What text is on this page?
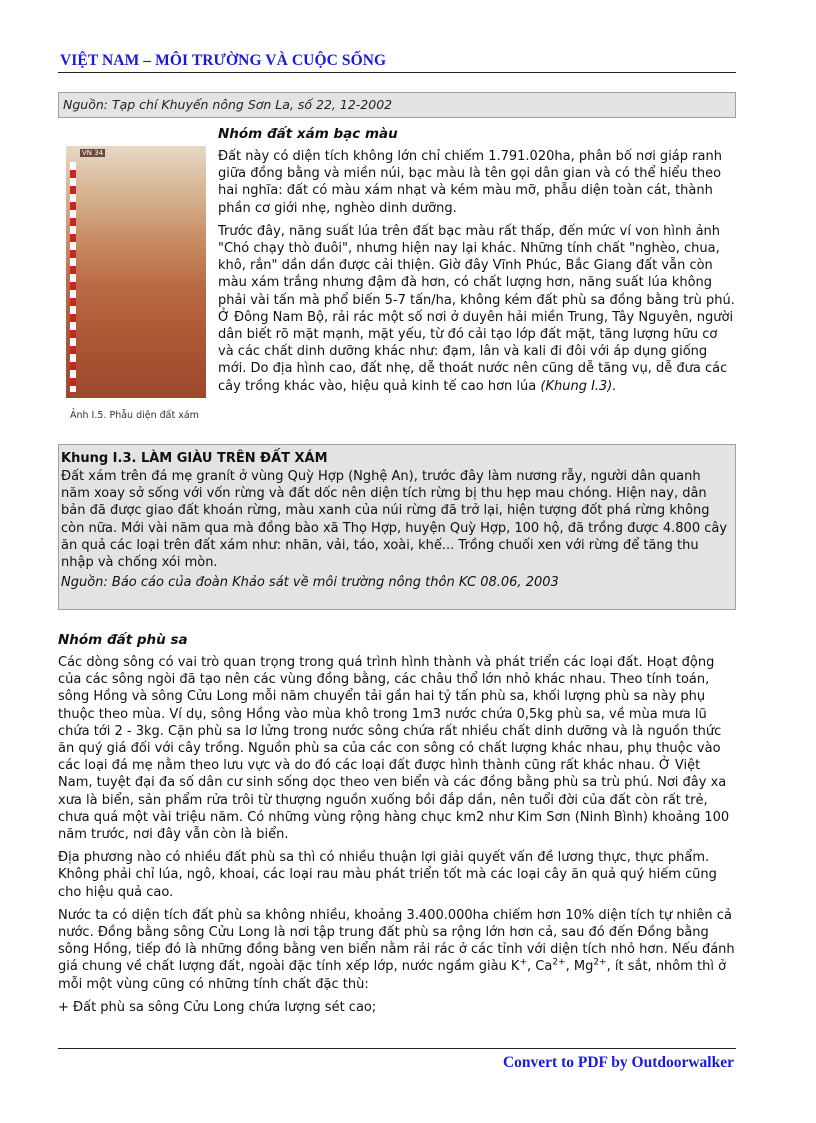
VIỆT NAM – MÔI TRƯỜNG VÀ CUỘC SỐNG
Nguồn: Tạp chí Khuyến nông Sơn La, số 22, 12-2002
VN 34
Ảnh I.5. Phẫu diện đất xám
Nhóm đất xám bạc màu

Đất này có diện tích không lớn chỉ chiếm 1.791.020ha, phân bố nơi giáp ranh giữa đồng bằng và miền núi, bạc màu là tên gọi dân gian và có thể hiểu theo hai nghĩa: đất có màu xám nhạt và kém màu mỡ, phẫu diện toàn cát, thành phần cơ giới nhẹ, nghèo dinh dưỡng.

Trước đây, năng suất lúa trên đất bạc màu rất thấp, đến mức ví von hình ảnh "Chó chạy thò đuôi", nhưng hiện nay lại khác. Những tính chất "nghèo, chua, khô, rắn" dần dần được cải thiện. Giờ đây Vĩnh Phúc, Bắc Giang đất vẫn còn màu xám trắng nhưng đậm đà hơn, có chất lượng hơn, năng suất lúa không phải vài tấn mà phổ biến 5-7 tấn/ha, không kém đất phù sa đồng bằng trù phú. Ở Đông Nam Bộ, rải rác một số nơi ở duyên hải miền Trung, Tây Nguyên, người dân biết rõ mặt mạnh, mặt yếu, từ đó cải tạo lớp đất mặt, tăng lượng hữu cơ và các chất dinh dưỡng khác như: đạm, lân và kali đi đôi với áp dụng giống mới. Do địa hình cao, đất nhẹ, dễ thoát nước nên cũng dễ tăng vụ, dễ đưa các cây trồng khác vào, hiệu quả kinh tế cao hơn lúa (Khung I.3).

Khung I.3. LÀM GIÀU TRÊN ĐẤT XÁM
Đất xám trên đá mẹ granít ở vùng Quỳ Hợp (Nghệ An), trước đây làm nương rẫy, người dân quanh năm xoay sở sống với vốn rừng và đất dốc nên diện tích rừng bị thu hẹp mau chóng. Hiện nay, dân bản đã được giao đất khoán rừng, màu xanh của núi rừng đã trở lại, hiện tượng đốt phá rừng không còn nữa. Mới vài năm qua mà đồng bào xã Thọ Hợp, huyện Quỳ Hợp, 100 hộ, đã trồng được 4.800 cây ăn quả các loại trên đất xám như: nhãn, vải, táo, xoài, khế... Trồng chuối xen với rừng để tăng thu nhập và chống xói mòn.
Nguồn: Báo cáo của đoàn Khảo sát về môi trường nông thôn KC 08.06, 2003
Nhóm đất phù sa

Các dòng sông có vai trò quan trọng trong quá trình hình thành và phát triển các loại đất. Hoạt động của các sông ngòi đã tạo nên các vùng đồng bằng, các châu thổ lớn nhỏ khác nhau. Theo tính toán, sông Hồng và sông Cửu Long mỗi năm chuyển tải gần hai tỷ tấn phù sa, khối lượng phù sa này phụ thuộc theo mùa. Ví dụ, sông Hồng vào mùa khô trong 1m3 nước chứa 0,5kg phù sa, về mùa mưa lũ chứa tới 2 - 3kg. Cặn phù sa lơ lửng trong nước sông chứa rất nhiều chất dinh dưỡng và là nguồn thức ăn quý giá đối với cây trồng. Nguồn phù sa của các con sông có chất lượng khác nhau, phụ thuộc vào các loại đá mẹ nằm theo lưu vực và do đó các loại đất được hình thành cũng rất khác nhau. Ở Việt Nam, tuyệt đại đa số dân cư sinh sống dọc theo ven biển và các đồng bằng phù sa trù phú. Nơi đây xa xưa là biển, sản phẩm rửa trôi từ thượng nguồn xuống bồi đắp dần, nên tuổi đời của đất còn rất trẻ, chưa quá một vài triệu năm. Có những vùng rộng hàng chục km2 như Kim Sơn (Ninh Bình) khoảng 100 năm trước, nơi đây vẫn còn là biển.

Địa phương nào có nhiều đất phù sa thì có nhiều thuận lợi giải quyết vấn đề lương thực, thực phẩm. Không phải chỉ lúa, ngô, khoai, các loại rau màu phát triển tốt mà các loại cây ăn quả quý hiếm cũng cho hiệu quả cao.

Nước ta có diện tích đất phù sa không nhiều, khoảng 3.400.000ha chiếm hơn 10% diện tích tự nhiên cả nước. Đồng bằng sông Cửu Long là nơi tập trung đất phù sa rộng lớn hơn cả, sau đó đến Đồng bằng sông Hồng, tiếp đó là những đồng bằng ven biển nằm rải rác ở các tỉnh với diện tích nhỏ hơn. Nếu đánh giá chung về chất lượng đất, ngoài đặc tính xếp lớp, nước ngầm giàu K+, $Ca^{2+}$, $Mg^{2+}$, ít sắt, nhôm thì ở mỗi một vùng cũng có những tính chất đặc thù:

+ Đất phù sa sông Cửu Long chứa lượng sét cao;

Convert to PDF by Outdoorwalker
